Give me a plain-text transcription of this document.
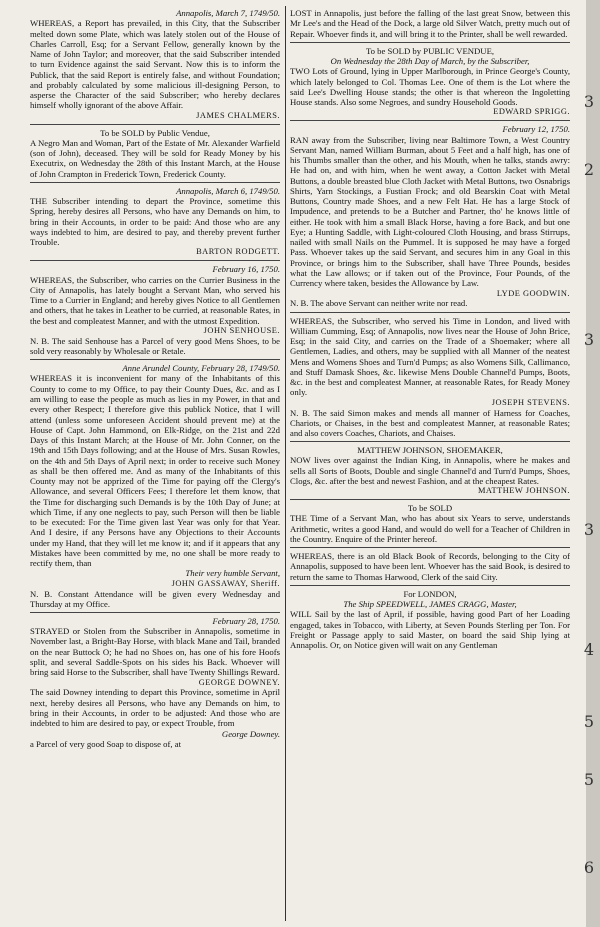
Annapolis, March 7, 1749/50.

WHEREAS, a Report has prevailed, in this City, that the Subscriber melted down some Plate, which was lately stolen out of the House of Charles Carroll, Esq; for a Servant Fellow, generally known by the Name of John Taylor; and moreover, that the said Subscriber intended to turn Evidence against the said Servant. Now this is to inform the Publick, that the said Report is entirely false, and without Foundation; and probably calculated by some malicious ill-designing Person, to asperse the Character of the said Subscriber; who hereby declares himself wholly ignorant of the above Affair.

JAMES CHALMERS.

To be SOLD by Public Vendue,

A Negro Man and Woman, Part of the Estate of Mr. Alexander Warfield (son of John), deceased. They will be sold for Ready Money by his Executrix, on Wednesday the 28th of this Instant March, at the House of John Crampton in Frederick Town, Frederick County.

Annapolis, March 6, 1749/50.

THE Subscriber intending to depart the Province, sometime this Spring, hereby desires all Persons, who have any Demands on him, to bring in their Accounts, in order to be paid: And those who are any ways indebted to him, are desired to pay, and thereby prevent further Trouble.

BARTON RODGETT.

February 16, 1750.

WHEREAS, the Subscriber, who carries on the Currier Business in the City of Annapolis, has lately bought a Servant Man, who served his Time to a Currier in England; and hereby gives Notice to all Gentlemen and others, that he takes in Leather to be curried, at reasonable Rates, in the best and compleatest Manner, and with the utmost Expedition.

JOHN SENHOUSE.

N. B. The said Senhouse has a Parcel of very good Mens Shoes, to be sold very reasonably by Wholesale or Retale.

Anne Arundel County, February 28, 1749/50.

WHEREAS it is inconvenient for many of the Inhabitants of this County to come to my Office, to pay their County Dues, &c. and as I am willing to ease the people as much as lies in my Power, in that and every other Respect; I therefore give this publick Notice, that I will attend (unless some unforeseen Accident should prevent me) at the House of Capt. John Hammond, on Elk-Ridge, on the 21st and 22d Days of this Instant March; at the House of Mr. John Conner, on the 19th and 15th Days following; and at the House of Mrs. Susan Rowles, on the 4th and 5th Days of April next; in order to receive such Money as shall be then offered me. And as many of the Inhabitants of this County may not be apprized of the Time for paying off the Clergy's Allowance, and several Officers Fees; I therefore let them know, that the Time for discharging such Demands is by the 10th Day of June; at which Time, if any one neglects to pay, such Person will then be liable to be executed: For the Time given last Year was only for that Year. And I desire, if any Persons have any Objections to their Accounts under my Hand, that they will let me know it; and if it appears that any Mistakes have been committed by me, no one shall be more ready to rectify them, than

Their very humble Servant,

JOHN GASSAWAY, Sheriff.

N. B. Constant Attendance will be given every Wednesday and Thursday at my Office.

February 28, 1750.

STRAYED or Stolen from the Subscriber in Annapolis, sometime in November last, a Bright-Bay Horse, with black Mane and Tail, branded on the near Buttock O; he had no Shoes on, has one of his fore Hoofs split, and several Saddle-Spots on his sides his Back. Whoever will bring said Horse to the Subscriber, shall have Twenty Shillings Reward.

GEORGE DOWNEY.

The said Downey intending to depart this Province, sometime in April next, hereby desires all Persons, who have any Demands on him, to bring in their Accounts, in order to be adjusted: And those who are indebted to him are desired to pay, or expect Trouble, from

George Downey.

a Parcel of very good Soap to dispose of, at

LOST in Annapolis, just before the falling of the last great Snow, between this Mr Lee's and the Head of the Dock, a large old Silver Watch, pretty much out of Repair. Whoever finds it, and will bring it to the Printer, shall be well rewarded.

To be SOLD by PUBLIC VENDUE,

On Wednesday the 28th Day of March, by the Subscriber,

TWO Lots of Ground, lying in Upper Marlborough, in Prince George's County, which lately belonged to Col. Thomas Lee. One of them is the Lot where the said Lee's Dwelling House stands; the other is that whereon the Ingoletting House stands. Also some Negroes, and sundry Household Goods.

EDWARD SPRIGG.

February 12, 1750.

RAN away from the Subscriber, living near Baltimore Town, a West Country Servant Man, named William Burman, about 5 Feet and a half high, has one of his Thumbs smaller than the other, and his Mouth, when he talks, stands awry: He had on, and with him, when he went away, a Cotton Jacket with Metal Buttons, a double breasted blue Cloth Jacket with Metal Buttons, two Osnabrigs Shirts, Yarn Stockings, a Fustian Frock; and old Bearskin Coat with Metal Buttons, Country made Shoes, and a new Felt Hat. He has a large Stock of Impudence, and pretends to be a Butcher and Partner, tho' he knows little of either. He took with him a small Black Horse, having a fore Back, and but one Eye; a Hunting Saddle, with Light-coloured Cloth Housing, and brass Stirrups, nailed with small Nails on the Pummel. It is supposed he may have a forged Pass. Whoever takes up the said Servant, and secures him in any Goal in this Province, or brings him to the Subscriber, shall have Three Pounds, besides what the Law allows; or if taken out of the Province, Four Pounds, of the Currency where taken, besides the Allowance by Law.

LYDE GOODWIN.

N. B. The above Servant can neither write nor read.

WHEREAS, the Subscriber, who served his Time in London, and lived with William Cumming, Esq; of Annapolis, now lives near the House of John Brice, Esq; in the said City, and carries on the Trade of a Shoemaker; where all Gentlemen, Ladies, and others, may be supplied with all Manner of the neatest Mens and Womens Shoes and Turn'd Pumps; as also Womens Silk, Callimanco, and Stuff Damask Shoes, &c. likewise Mens Double Channel'd Pumps, Boots, &c. in the best and compleatest Manner, at reasonable Rates, for Ready Money only.

JOSEPH STEVENS.

N. B. The said Simon makes and mends all manner of Harness for Coaches, Chariots, or Chaises, in the best and compleatest Manner, at reasonable Rates; and also covers Coaches, Chariots, and Chaises.

MATTHEW JOHNSON, SHOEMAKER,

NOW lives over against the Indian King, in Annapolis, where he makes and sells all Sorts of Boots, Double and single Channel'd and Turn'd Pumps, Shoes, Clogs, &c. after the best and newest Fashion, and at the cheapest Rates.

MATTHEW JOHNSON.

To be SOLD

THE Time of a Servant Man, who has about six Years to serve, understands Arithmetic, writes a good Hand, and would do well for a Teacher of Children in the Country. Enquire of the Printer hereof.

WHEREAS, there is an old Black Book of Records, belonging to the City of Annapolis, supposed to have been lent. Whoever has the said Book, is desired to return the same to Thomas Harwood, Clerk of the said City.

For LONDON,

The Ship SPEEDWELL, JAMES CRAGG, Master,

WILL Sail by the last of April, if possible, having good Part of her Loading engaged, takes in Tobacco, with Liberty, at Seven Pounds Sterling per Ton. For Freight or Passage apply to said Master, on board the said Ship lying at Annapolis. Or, on Notice given will wait on any Gentleman

3
2
3
3
4
5
5
6
